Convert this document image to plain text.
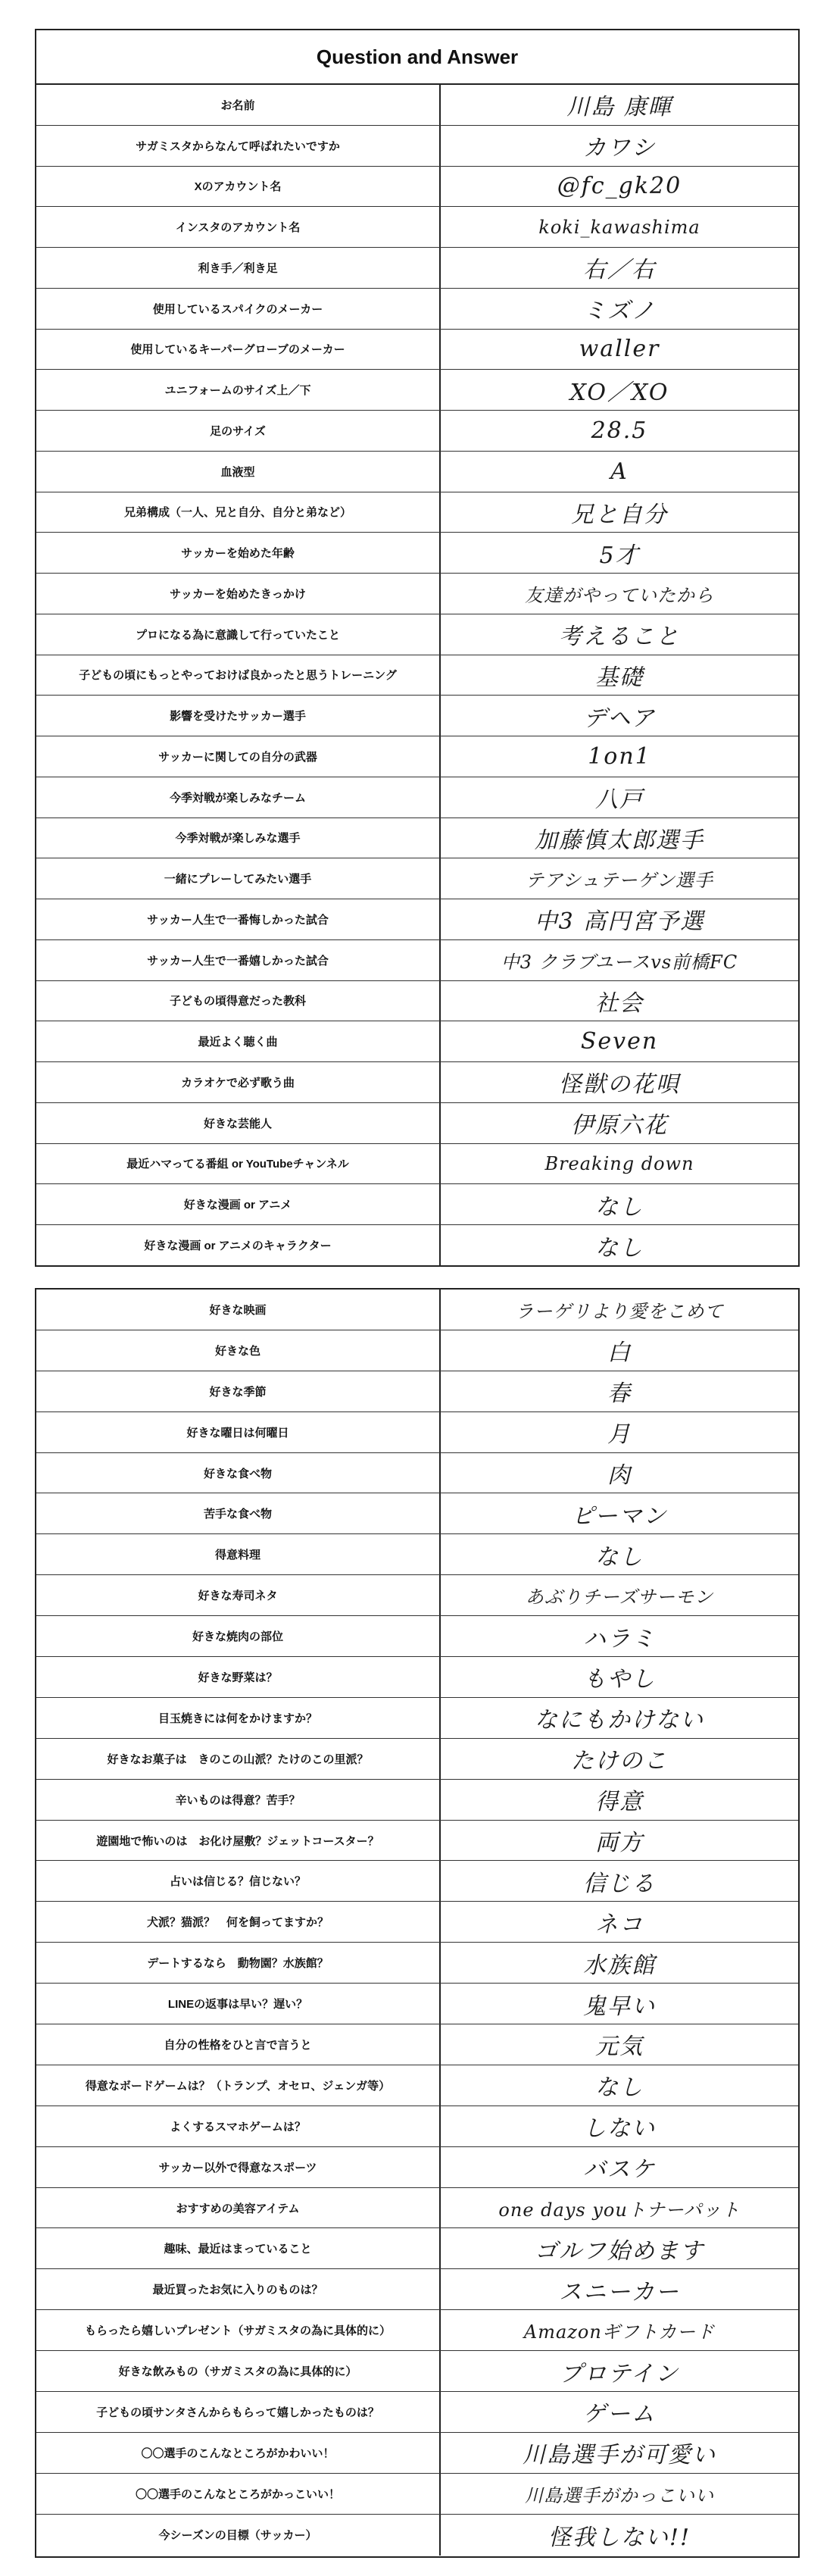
Question and Answer
お名前	川島 康暉
サガミスタからなんて呼ばれたいですか	カワシ
Xのアカウント名	@fc_gk20
インスタのアカウント名	koki_kawashima
利き手／利き足	右／右
使用しているスパイクのメーカー	ミズノ
使用しているキーパーグローブのメーカー	waller
ユニフォームのサイズ上／下	XO／XO
足のサイズ	28.5
血液型	A
兄弟構成（一人、兄と自分、自分と弟など）	兄と自分
サッカーを始めた年齢	5才
サッカーを始めたきっかけ	友達がやっていたから
プロになる為に意識して行っていたこと	考えること
子どもの頃にもっとやっておけば良かったと思うトレーニング	基礎
影響を受けたサッカー選手	デヘア
サッカーに関しての自分の武器	1on1
今季対戦が楽しみなチーム	八戸
今季対戦が楽しみな選手	加藤慎太郎選手
一緒にプレーしてみたい選手	テアシュテーゲン選手
サッカー人生で一番悔しかった試合	中3 高円宮予選
サッカー人生で一番嬉しかった試合	中3 クラブユースvs前橋FC
子どもの頃得意だった教科	社会
最近よく聴く曲	Seven
カラオケで必ず歌う曲	怪獣の花唄
好きな芸能人	伊原六花
最近ハマってる番組 or YouTubeチャンネル	Breaking down
好きな漫画 or アニメ	なし
好きな漫画 or アニメのキャラクター	なし
好きな映画	ラーゲリより愛をこめて
好きな色	白
好きな季節	春
好きな曜日は何曜日	月
好きな食べ物	肉
苦手な食べ物	ピーマン
得意料理	なし
好きな寿司ネタ	あぶりチーズサーモン
好きな焼肉の部位	ハラミ
好きな野菜は？	もやし
目玉焼きには何をかけますか？	なにもかけない
好きなお菓子は　きのこの山派？たけのこの里派？	たけのこ
辛いものは得意？苦手？	得意
遊園地で怖いのは　お化け屋敷？ジェットコースター？	両方
占いは信じる？信じない？	信じる
犬派？猫派？　何を飼ってますか？	ネコ
デートするなら　動物園？水族館？	水族館
LINEの返事は早い？遅い？	鬼早い
自分の性格をひと言で言うと	元気
得意なボードゲームは？（トランプ、オセロ、ジェンガ等）	なし
よくするスマホゲームは？	しない
サッカー以外で得意なスポーツ	バスケ
おすすめの美容アイテム	one days youトナーパット
趣味、最近はまっていること	ゴルフ始めます
最近買ったお気に入りのものは？	スニーカー
もらったら嬉しいプレゼント（サガミスタの為に具体的に）	Amazonギフトカード
好きな飲みもの（サガミスタの為に具体的に）	プロテイン
子どもの頃サンタさんからもらって嬉しかったものは？	ゲーム
〇〇選手のこんなところがかわいい！	川島選手が可愛い
〇〇選手のこんなところがかっこいい！	川島選手がかっこいい
今シーズンの目標（サッカー）	怪我しない!!
